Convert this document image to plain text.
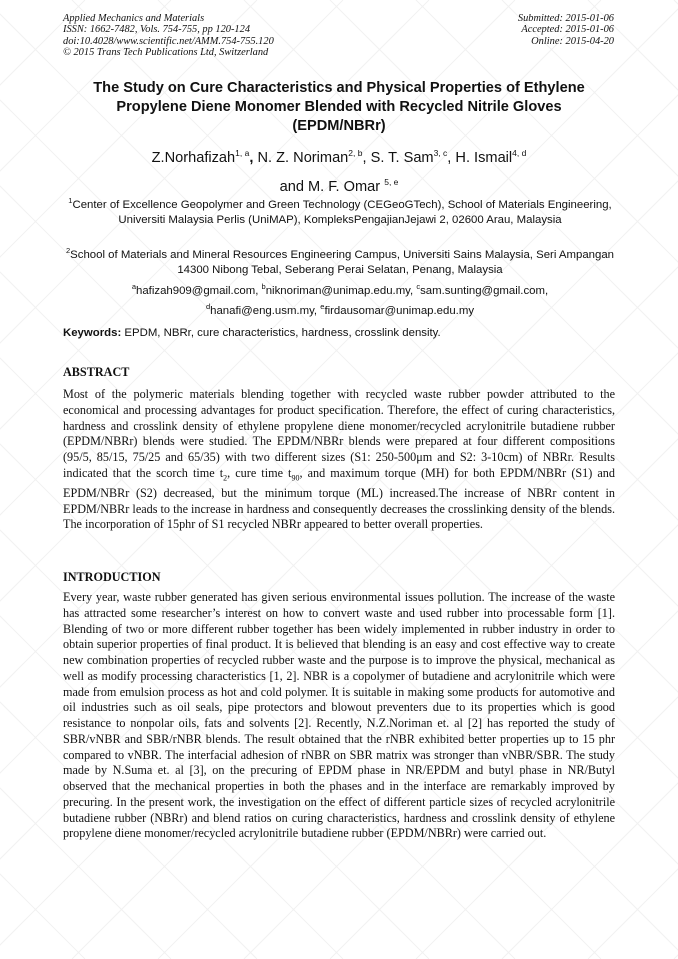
Applied Mechanics and Materials
ISSN: 1662-7482, Vols. 754-755, pp 120-124
doi:10.4028/www.scientific.net/AMM.754-755.120
© 2015 Trans Tech Publications Ltd, Switzerland
Submitted: 2015-01-06
Accepted: 2015-01-06
Online: 2015-04-20
The Study on Cure Characteristics and Physical Properties of Ethylene
Propylene Diene Monomer Blended with Recycled Nitrile Gloves
(EPDM/NBRr)
Z.Norhafizah$^{1, a}$, N. Z. Noriman$^{2, b}$, S. T. Sam$^{3, c}$, H. Ismail$^{4, d}$
and M. F. Omar $^{5, e}$
$^1$Center of Excellence Geopolymer and Green Technology (CEGeoGTech), School of Materials Engineering, Universiti Malaysia Perlis (UniMAP), KompleksPengajianJejawi 2, 02600 Arau, Malaysia
$^2$School of Materials and Mineral Resources Engineering Campus, Universiti Sains Malaysia, Seri Ampangan 14300 Nibong Tebal, Seberang Perai Selatan, Penang, Malaysia
$^a$hafizah909@gmail.com, $^b$niknoriman@unimap.edu.my, $^c$sam.sunting@gmail.com,
$^d$hanafi@eng.usm.my, $^e$firdausomar@unimap.edu.my
Keywords: EPDM, NBRr, cure characteristics, hardness, crosslink density.
ABSTRACT
Most of the polymeric materials blending together with recycled waste rubber powder attributed to the economical and processing advantages for product specification. Therefore, the effect of curing characteristics, hardness and crosslink density of ethylene propylene diene monomer/recycled acrylonitrile butadiene rubber (EPDM/NBRr) blends were studied. The EPDM/NBRr blends were prepared at four different compositions (95/5, 85/15, 75/25 and 65/35) with two different sizes (S1: 250-500μm and S2: 3-10cm) of NBRr. Results indicated that the scorch time $t_2$, cure time $t_{90}$, and maximum torque (MH) for both EPDM/NBRr (S1) and EPDM/NBRr (S2) decreased, but the minimum torque (ML) increased.The increase of NBRr content in EPDM/NBRr leads to the increase in hardness and consequently decreases the crosslinking density of the blends. The incorporation of 15phr of S1 recycled NBRr appeared to better overall properties.
INTRODUCTION
Every year, waste rubber generated has given serious environmental issues pollution. The increase of the waste has attracted some researcher’s interest on how to convert waste and used rubber into processable form [1]. Blending of two or more different rubber together has been widely implemented in rubber industry in order to obtain superior properties of final product. It is believed that blending is an easy and cost effective way to create new combination properties of recycled rubber waste and the purpose is to improve the physical, mechanical as well as modify processing characteristics [1, 2]. NBR is a copolymer of butadiene and acrylonitrile which were made from emulsion process as hot and cold polymer. It is suitable in making some products for automotive and oil industries such as oil seals, pipe protectors and blowout preventers due to its properties which is good resistance to nonpolar oils, fats and solvents [2]. Recently, N.Z.Noriman et. al [2] has reported the study of SBR/vNBR and SBR/rNBR blends. The result obtained that the rNBR exhibited better properties up to 15 phr compared to vNBR. The interfacial adhesion of rNBR on SBR matrix was stronger than vNBR/SBR. The study made by N.Suma et. al [3], on the precuring of EPDM phase in NR/EPDM and butyl phase in NR/Butyl observed that the mechanical properties in both the phases and in the interface are remarkably improved by precuring. In the present work, the investigation on the effect of different particle sizes of recycled acrylonitrile butadiene rubber (NBRr) and blend ratios on curing characteristics, hardness and crosslink density of ethylene propylene diene monomer/recycled acrylonitrile butadiene rubber (EPDM/NBRr) were carried out.
